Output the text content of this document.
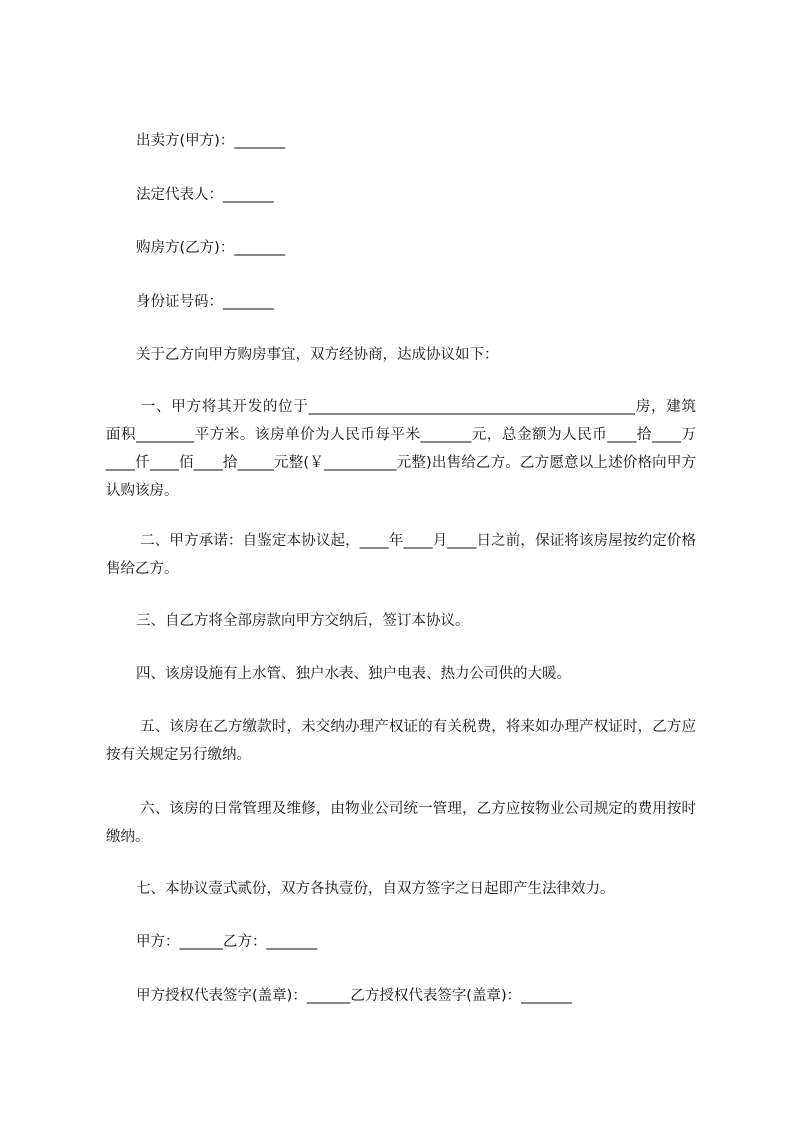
出卖方(甲方)：_______
法定代表人：_______
购房方(乙方)：_______
身份证号码：_______
关于乙方向甲方购房事宜，双方经协商，达成协议如下：
一、甲方将其开发的位于_____________________________________________房，建筑面积________平方米。该房单价为人民币每平米_______元，总金额为人民币____拾____万____仟____佰____拾_____元整(￥__________元整)出售给乙方。乙方愿意以上述价格向甲方认购该房。
二、甲方承诺：自鉴定本协议起，____年____月____日之前，保证将该房屋按约定价格售给乙方。
三、自乙方将全部房款向甲方交纳后，签订本协议。
四、该房设施有上水管、独户水表、独户电表、热力公司供的大暖。
五、该房在乙方缴款时，未交纳办理产权证的有关税费，将来如办理产权证时，乙方应按有关规定另行缴纳。
六、该房的日常管理及维修，由物业公司统一管理，乙方应按物业公司规定的费用按时缴纳。
七、本协议壹式贰份，双方各执壹份，自双方签字之日起即产生法律效力。
甲方：______乙方：_______
甲方授权代表签字(盖章)：______乙方授权代表签字(盖章)：_______
